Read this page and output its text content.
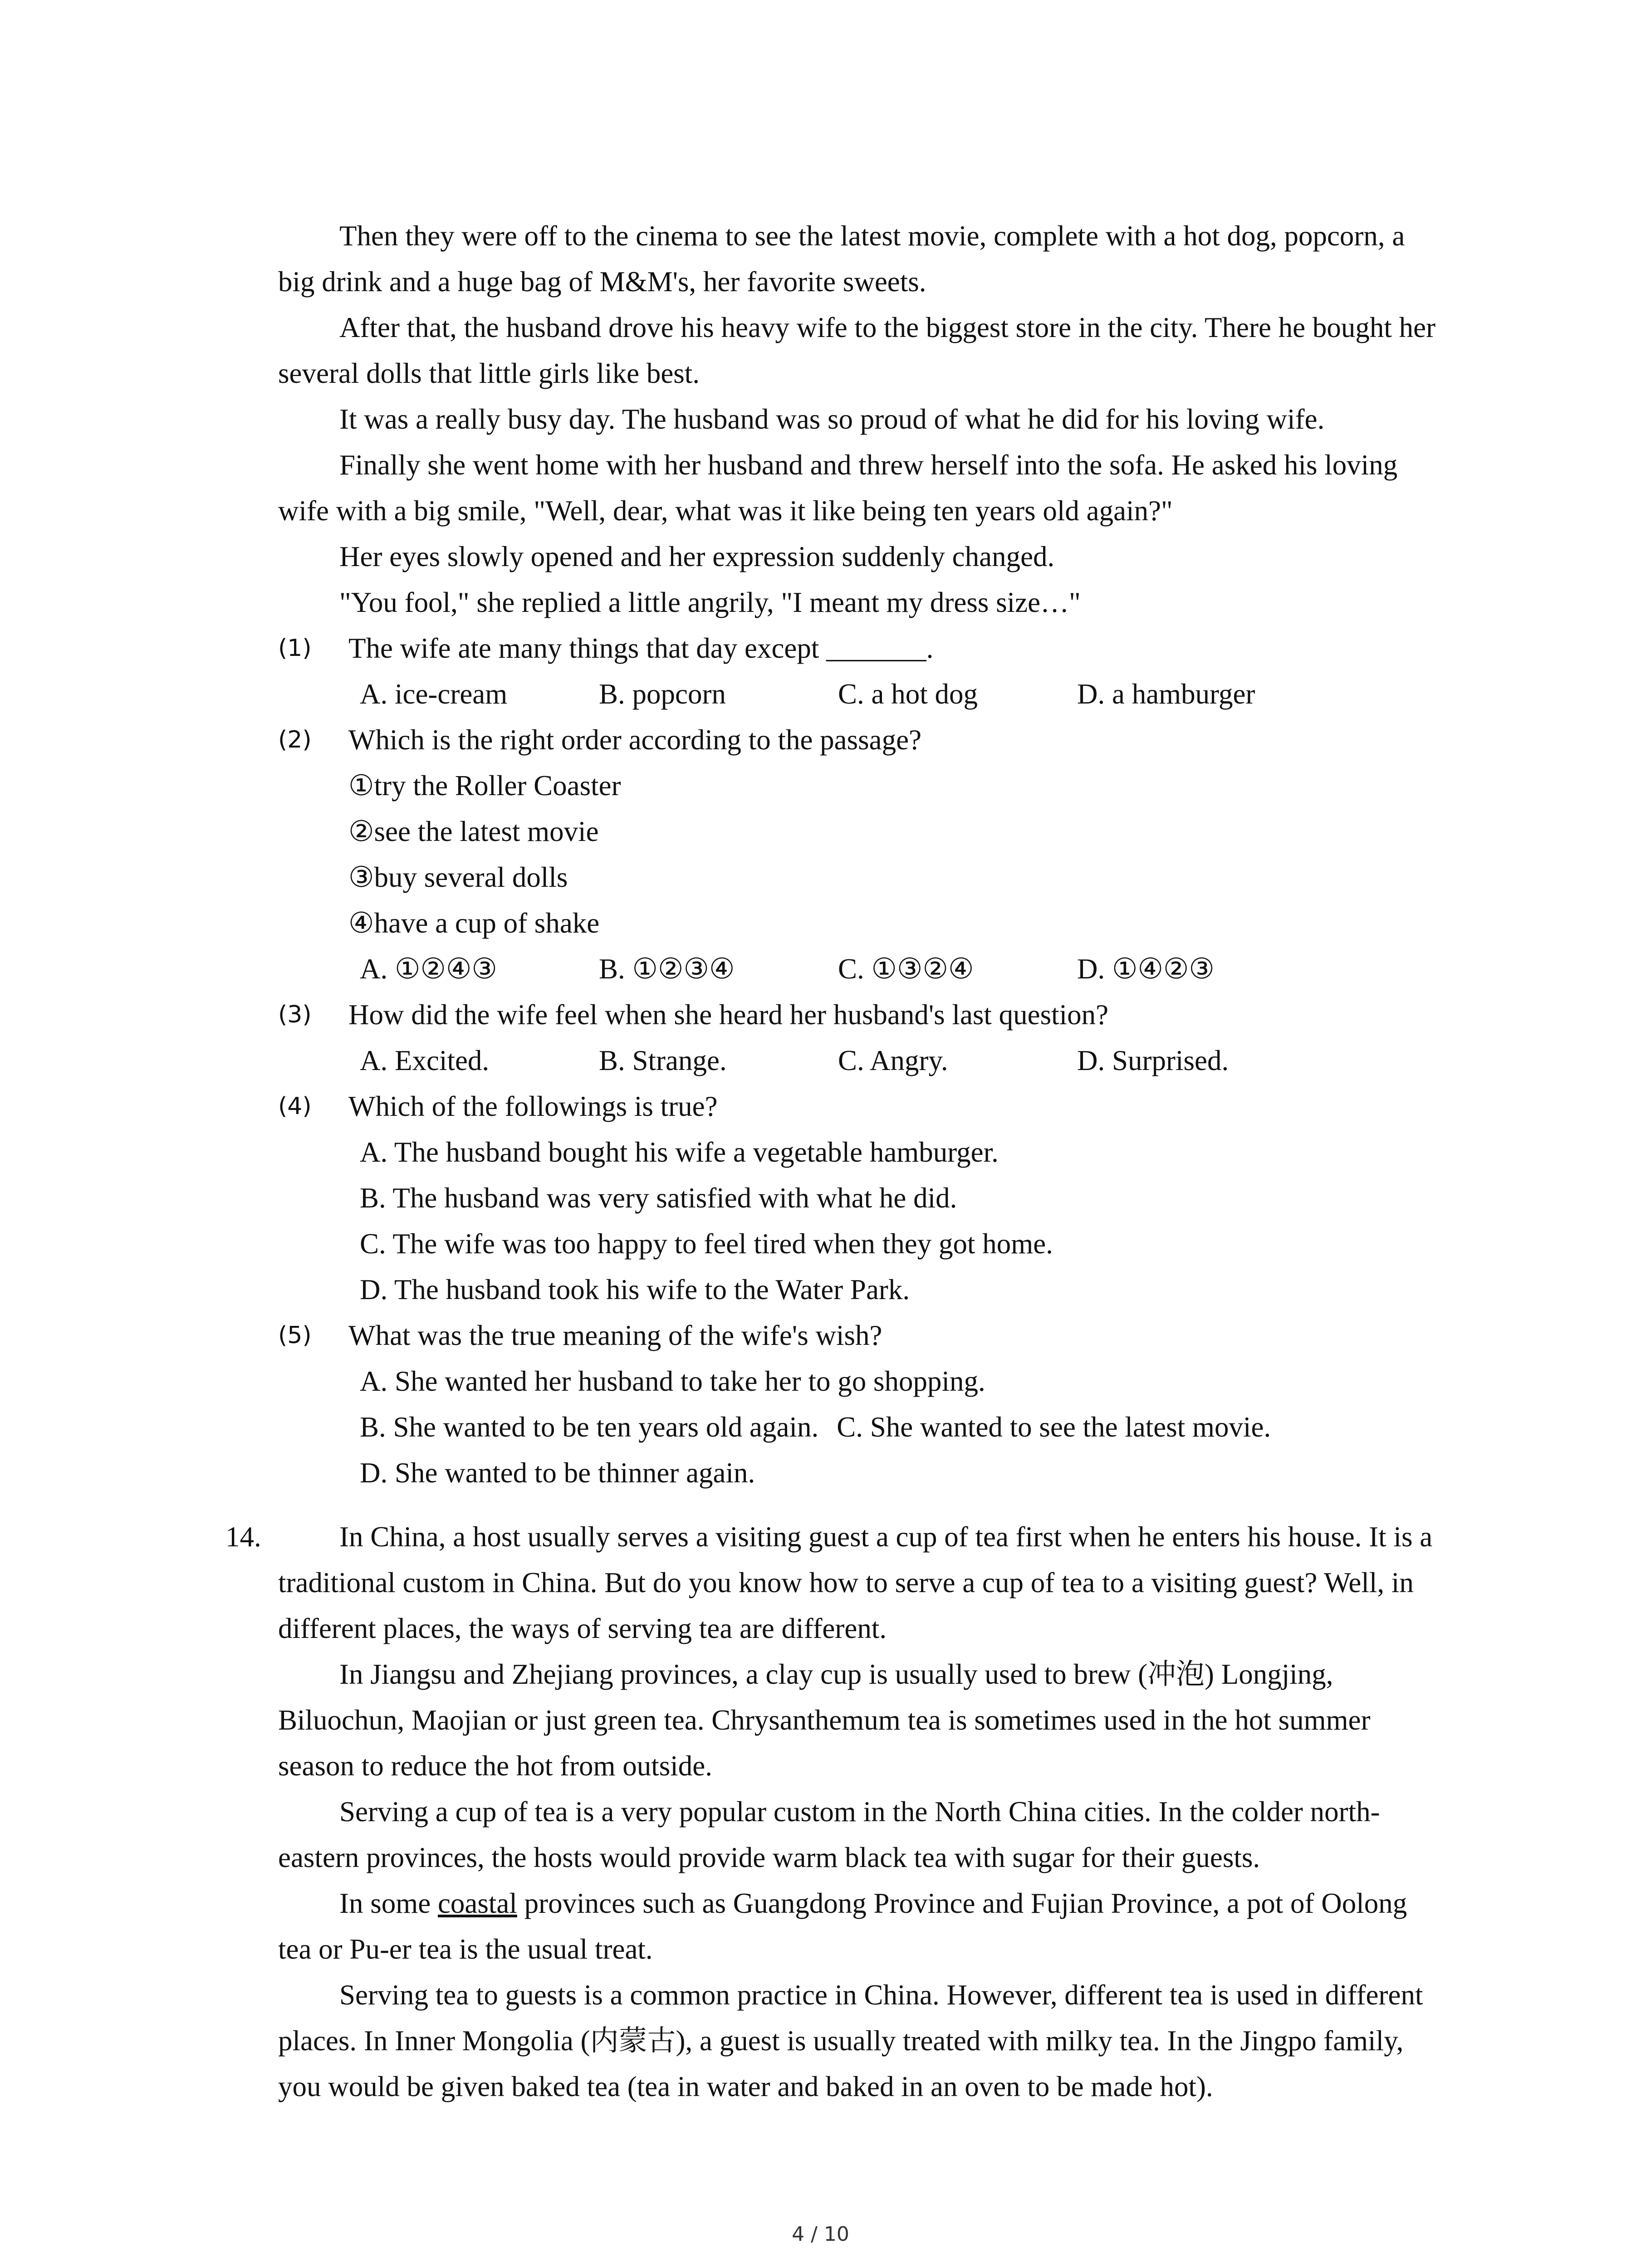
Then they were off to the cinema to see the latest movie, complete with a hot dog, popcorn, a big drink and a huge bag of M&M's, her favorite sweets.

After that, the husband drove his heavy wife to the biggest store in the city. There he bought her several dolls that little girls like best.

It was a really busy day. The husband was so proud of what he did for his loving wife.

Finally she went home with her husband and threw herself into the sofa. He asked his loving wife with a big smile, "Well, dear, what was it like being ten years old again?"

Her eyes slowly opened and her expression suddenly changed.

"You fool," she replied a little angrily, "I meant my dress size…"

(1) The wife ate many things that day except _______.
A. ice-cream	B. popcorn	C. a hot dog	D. a hamburger
(2) Which is the right order according to the passage?

①try the Roller Coaster

②see the latest movie

③buy several dolls

④have a cup of shake

A. ①②④③	B. ①②③④	C. ①③②④	D. ①④②③
(3) How did the wife feel when she heard her husband's last question?
A. Excited.	B. Strange.	C. Angry.	D. Surprised.
(4) Which of the followings is true?

A. The husband bought his wife a vegetable hamburger.

B. The husband was very satisfied with what he did.

C. The wife was too happy to feel tired when they got home.

D. The husband took his wife to the Water Park.

(5) What was the true meaning of the wife's wish?

A. She wanted her husband to take her to go shopping.

B. She wanted to be ten years old again. C. She wanted to see the latest movie.

D. She wanted to be thinner again.

14.	In China, a host usually serves a visiting guest a cup of tea first when he enters his house. It is a traditional custom in China. But do you know how to serve a cup of tea to a visiting guest? Well, in different places, the ways of serving tea are different.

In Jiangsu and Zhejiang provinces, a clay cup is usually used to brew (冲泡) Longjing, Biluochun, Maojian or just green tea. Chrysanthemum tea is sometimes used in the hot summer season to reduce the hot from outside.

Serving a cup of tea is a very popular custom in the North China cities. In the colder north-eastern provinces, the hosts would provide warm black tea with sugar for their guests.

In some coastal provinces such as Guangdong Province and Fujian Province, a pot of Oolong tea or Pu-er tea is the usual treat.

Serving tea to guests is a common practice in China. However, different tea is used in different places. In Inner Mongolia (内蒙古), a guest is usually treated with milky tea. In the Jingpo family, you would be given baked tea (tea in water and baked in an oven to be made hot).

4 / 10
